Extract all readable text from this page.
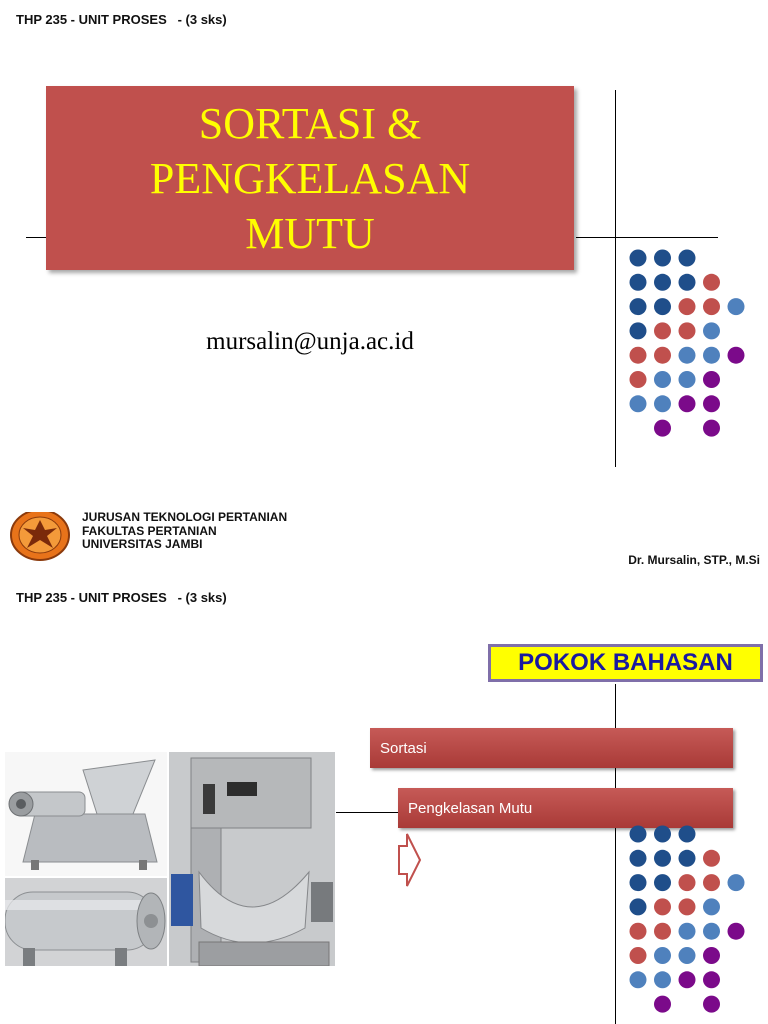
THP 235 - UNIT PROSES   - (3 sks)
SORTASI &
PENGKELASAN
MUTU
mursalin@unja.ac.id
THP 235 - UNIT PROSES   - (3 sks)
POKOK BAHASAN
Sortasi
Pengkelasan Mutu
JURUSAN TEKNOLOGI PERTANIAN
FAKULTAS PERTANIAN
UNIVERSITAS JAMBI
Dr. Mursalin, STP., M.Si
